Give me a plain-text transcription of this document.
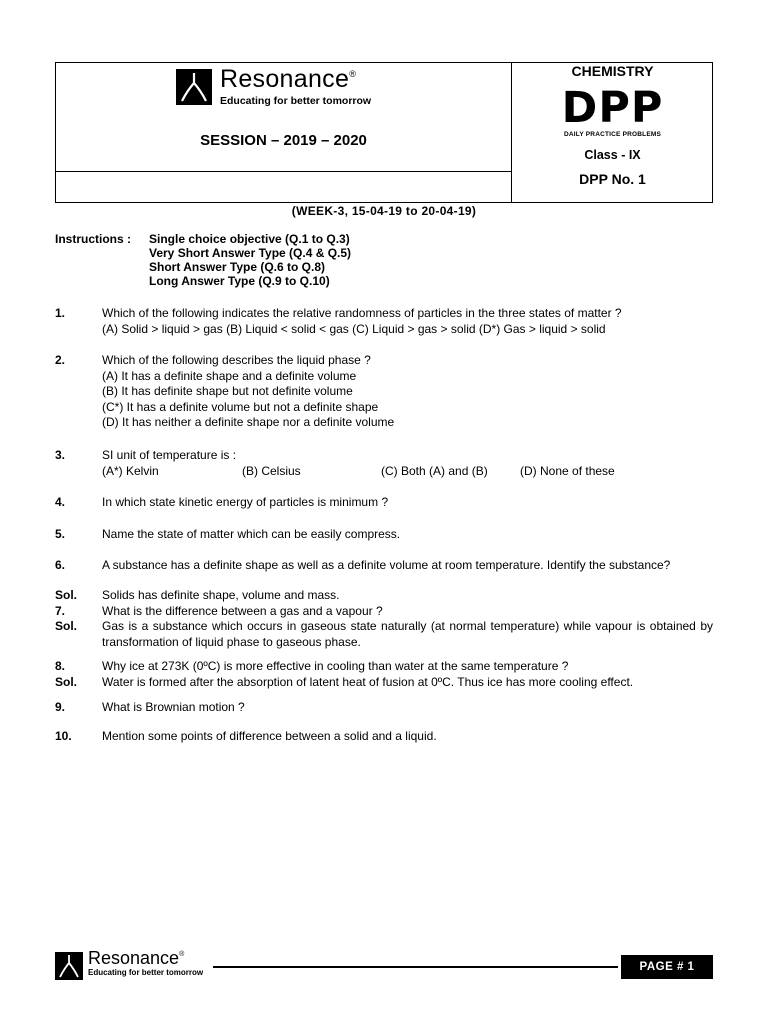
Resonance®
Educating for better tomorrow
SESSION – 2019 – 2020
CHEMISTRY
DPP
DAILY PRACTICE PROBLEMS
Class - IX
DPP No. 1
(WEEK-3, 15-04-19 to 20-04-19)
Instructions : Single choice objective (Q.1 to Q.3)
Very Short Answer Type (Q.4 & Q.5)
Short Answer Type (Q.6 to Q.8)
Long Answer Type (Q.9 to Q.10)
1.	Which of the following indicates the relative randomness of particles in the three states of matter ?
(A) Solid > liquid > gas (B) Liquid < solid < gas (C) Liquid > gas > solid (D*) Gas > liquid > solid
2.	Which of the following describes the liquid phase ?
(A) It has a definite shape and a definite volume
(B) It has definite shape but not definite volume
(C*) It has a definite volume but not a definite shape
(D) It has neither a definite shape nor a definite volume
3.	SI unit of temperature is :
(A*) Kelvin	(B) Celsius	(C) Both (A) and (B)	(D) None of these
4.	In which state kinetic energy of particles is minimum ?
5.	Name the state of matter which can be easily compress.
6.	A substance has a definite shape as well as a definite volume at room temperature. Identify the substance?
Sol. Solids has definite shape, volume and mass.
7.	What is the difference between a gas and a vapour ?
Sol. Gas is a substance which occurs in gaseous state naturally (at normal temperature) while vapour is obtained by transformation of liquid phase to gaseous phase.
8.	Why ice at 273K (0ºC) is more effective in cooling than water at the same temperature ?
Sol. Water is formed after the absorption of latent heat of fusion at 0ºC. Thus ice has more cooling effect.
9.	What is Brownian motion ?
10.	Mention some points of difference between a solid and a liquid.
Resonance®
Educating for better tomorrow	PAGE # 1
